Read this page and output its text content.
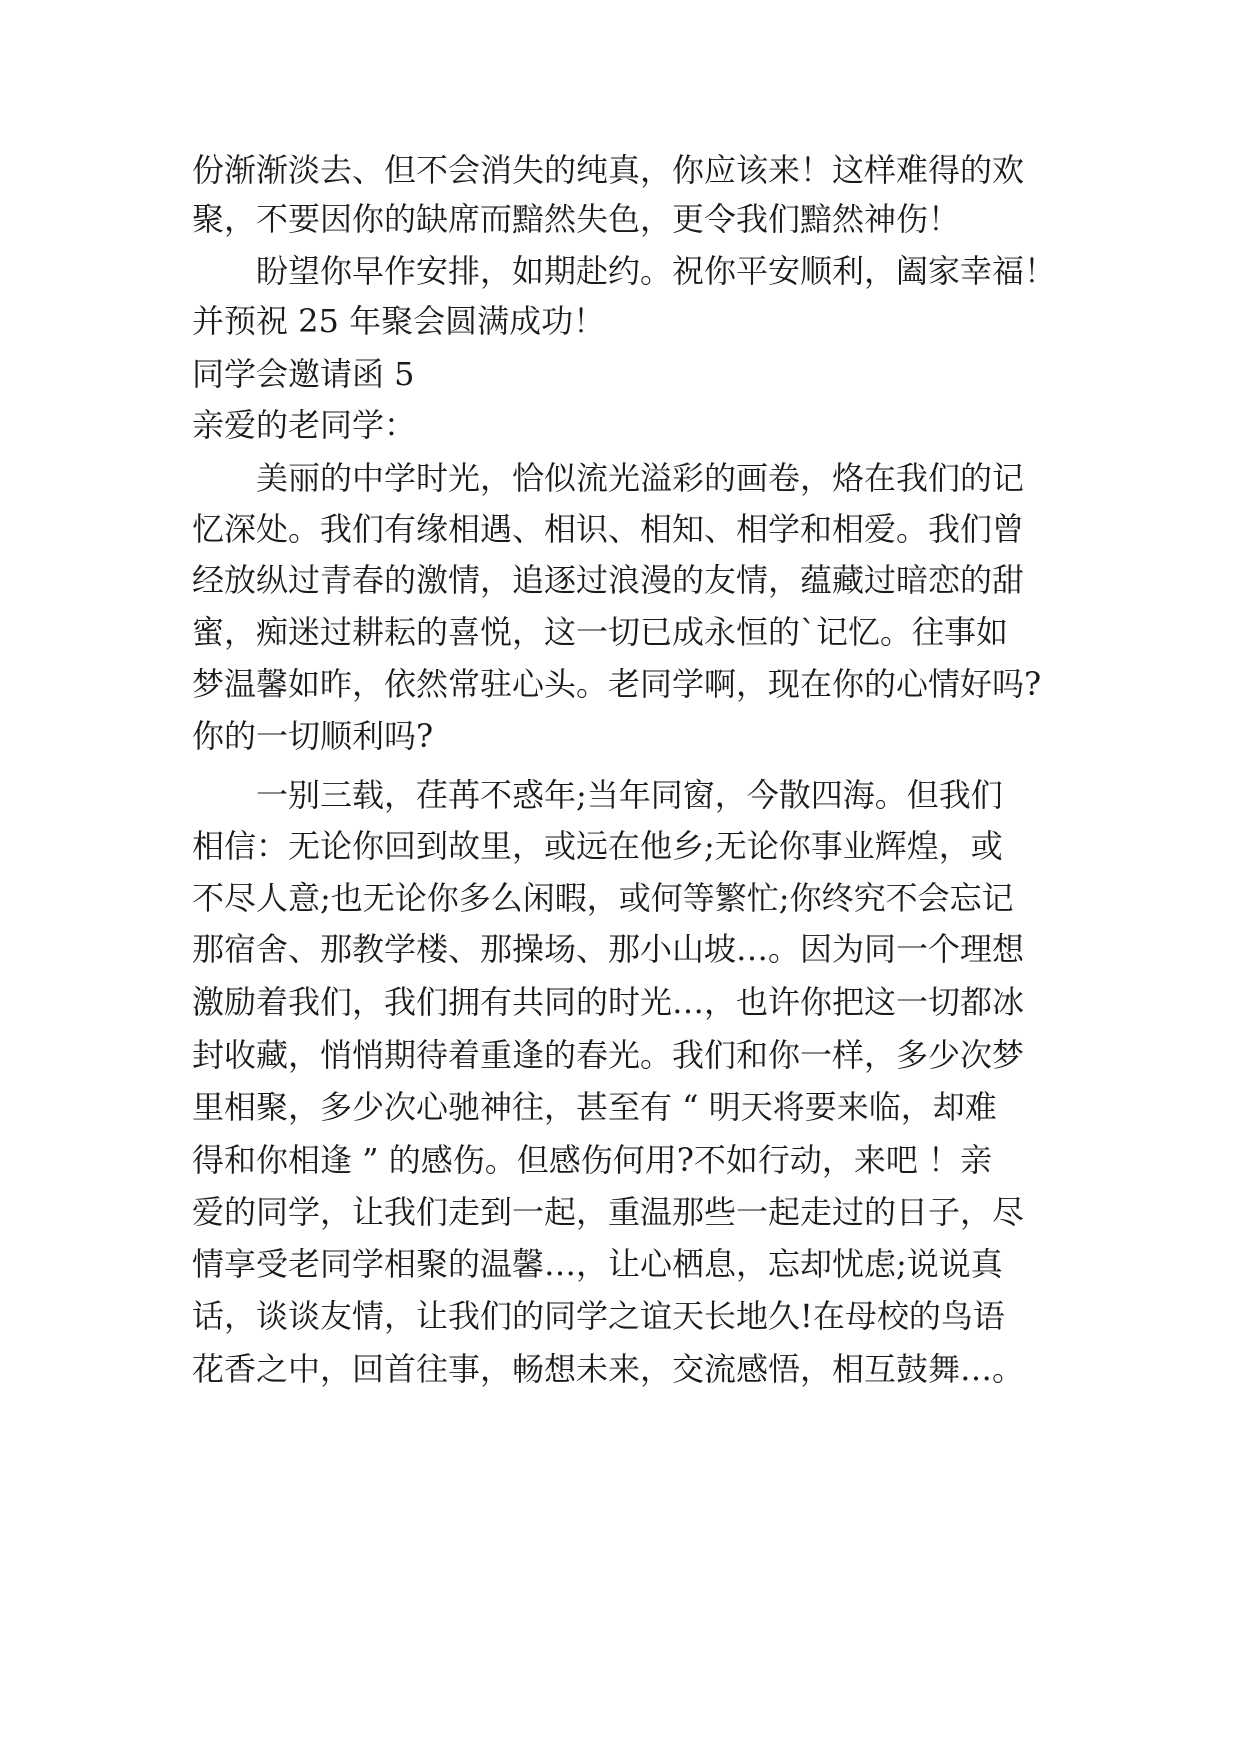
份渐渐淡去、但不会消失的纯真，你应该来！这样难得的欢
聚，不要因你的缺席而黯然失色，更令我们黯然神伤！
盼望你早作安排，如期赴约。祝你平安顺利，阖家幸福！
并预祝 25 年聚会圆满成功！
同学会邀请函 5
亲爱的老同学：
美丽的中学时光，恰似流光溢彩的画卷，烙在我们的记
忆深处。我们有缘相遇、相识、相知、相学和相爱。我们曾
经放纵过青春的激情，追逐过浪漫的友情，蕴藏过暗恋的甜
蜜，痴迷过耕耘的喜悦，这一切已成永恒的`记忆。往事如
梦温馨如昨，依然常驻心头。老同学啊，现在你的心情好吗?
你的一切顺利吗?
一别三载，荏苒不惑年;当年同窗，今散四海。但我们
相信：无论你回到故里，或远在他乡;无论你事业辉煌，或
不尽人意;也无论你多么闲暇，或何等繁忙;你终究不会忘记
那宿舍、那教学楼、那操场、那小山坡…。因为同一个理想
激励着我们，我们拥有共同的时光…，也许你把这一切都冰
封收藏，悄悄期待着重逢的春光。我们和你一样，多少次梦
里相聚，多少次心驰神往，甚至有 “ 明天将要来临，却难
得和你相逢 ” 的感伤。但感伤何用?不如行动，来吧 ！亲
爱的同学，让我们走到一起，重温那些一起走过的日子，尽
情享受老同学相聚的温馨…，让心栖息，忘却忧虑;说说真
话，谈谈友情，让我们的同学之谊天长地久!在母校的鸟语
花香之中，回首往事，畅想未来，交流感悟，相互鼓舞…。
